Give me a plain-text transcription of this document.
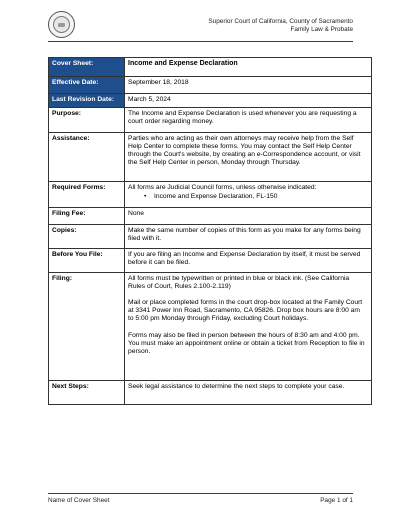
Superior Court of California, County of Sacramento
Family Law & Probate
Cover Sheet:	Income and Expense Declaration
Effective Date:	September 18, 2018
Last Revision Date:	March 5, 2024
Purpose:	The Income and Expense Declaration is used whenever you are requesting a court order regarding money.
Assistance:	Parties who are acting as their own attorneys may receive help from the Self Help Center to complete these forms. You may contact the Self Help Center through the Court's website, by creating an e-Correspondence account, or visit the Self Help Center in person, Monday through Thursday.
Required Forms:	All forms are Judicial Council forms, unless otherwise indicated:
• Income and Expense Declaration, FL-150

Filing Fee:	None
Copies:	Make the same number of copies of this form as you make for any forms being filed with it.
Before You File:	If you are filing an Income and Expense Declaration by itself, it must be served before it can be filed.
Filing:	All forms must be typewritten or printed in blue or black ink. (See California Rules of Court, Rules 2.100-2.119)

Mail or place completed forms in the court drop-box located at the Family Court at 3341 Power Inn Road, Sacramento, CA 95826. Drop box hours are 8:00 am to 5:00 pm Monday through Friday, excluding Court holidays.

Forms may also be filed in person between the hours of 8:30 am and 4:00 pm. You must make an appointment online or obtain a ticket from Reception to file in person.

Next Steps:	Seek legal assistance to determine the next steps to complete your case.
Name of Cover Sheet	Page 1 of 1
